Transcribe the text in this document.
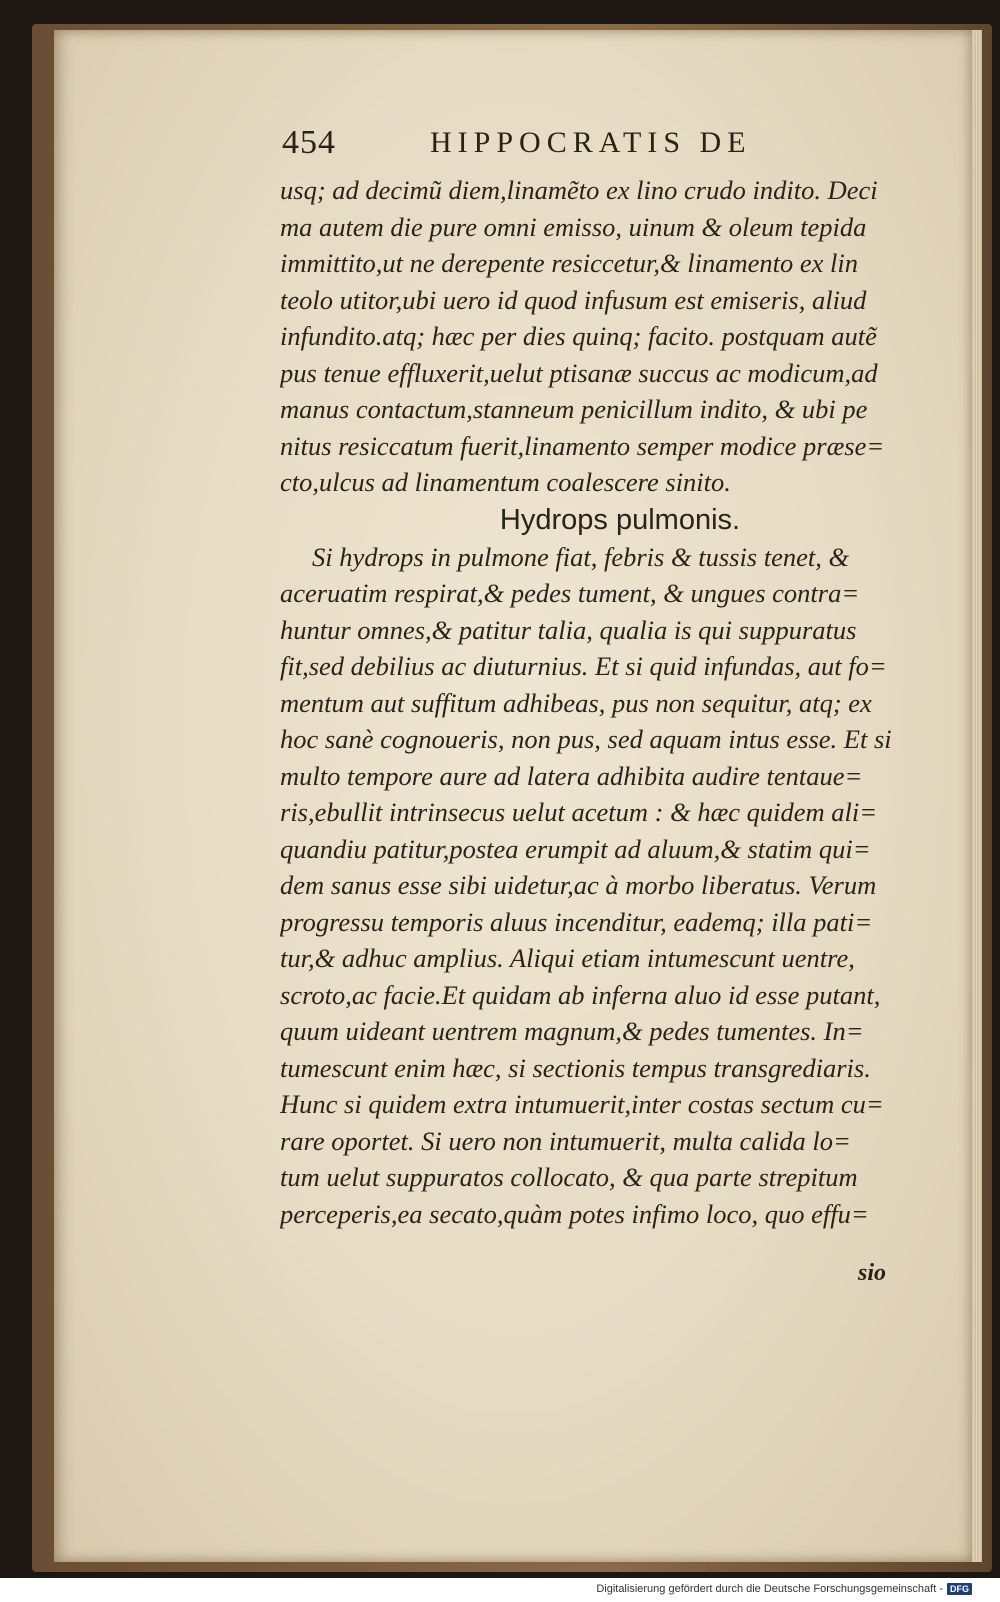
454	HIPPOCRATIS DE
usq; ad decimũ diem,linamẽto ex lino crudo indito. Deci
ma autem die pure omni emisso, uinum & oleum tepida
immittito,ut ne derepente resiccetur,& linamento ex lin
teolo utitor,ubi uero id quod infusum est emiseris, aliud
infundito.atq; hæc per dies quinq; facito. postquam autẽ
pus tenue effluxerit,uelut ptisanæ succus ac modicum,ad
manus contactum,stanneum penicillum indito, & ubi pe
nitus resiccatum fuerit,linamento semper modice præse=
cto,ulcus ad linamentum coalescere sinito.
Hydrops pulmonis.
Si hydrops in pulmone fiat, febris & tussis tenet, &
aceruatim respirat,& pedes tument, & ungues contra=
huntur omnes,& patitur talia, qualia is qui suppuratus
fit,sed debilius ac diuturnius. Et si quid infundas, aut fo=
mentum aut suffitum adhibeas, pus non sequitur, atq; ex
hoc sanè cognoueris, non pus, sed aquam intus esse. Et si
multo tempore aure ad latera adhibita audire tentaue=
ris,ebullit intrinsecus uelut acetum : & hæc quidem ali=
quandiu patitur,postea erumpit ad aluum,& statim qui=
dem sanus esse sibi uidetur,ac à morbo liberatus. Verum
progressu temporis aluus incenditur, eademq; illa pati=
tur,& adhuc amplius. Aliqui etiam intumescunt uentre,
scroto,ac facie.Et quidam ab inferna aluo id esse putant,
quum uideant uentrem magnum,& pedes tumentes. In=
tumescunt enim hæc, si sectionis tempus transgrediaris.
Hunc si quidem extra intumuerit,inter costas sectum cu=
rare oportet. Si uero non intumuerit, multa calida lo=
tum uelut suppuratos collocato, & qua parte strepitum
perceperis,ea secato,quàm potes infimo loco, quo effu=
sio
Digitalisierung gefördert durch die Deutsche Forschungsgemeinschaft - DFG
